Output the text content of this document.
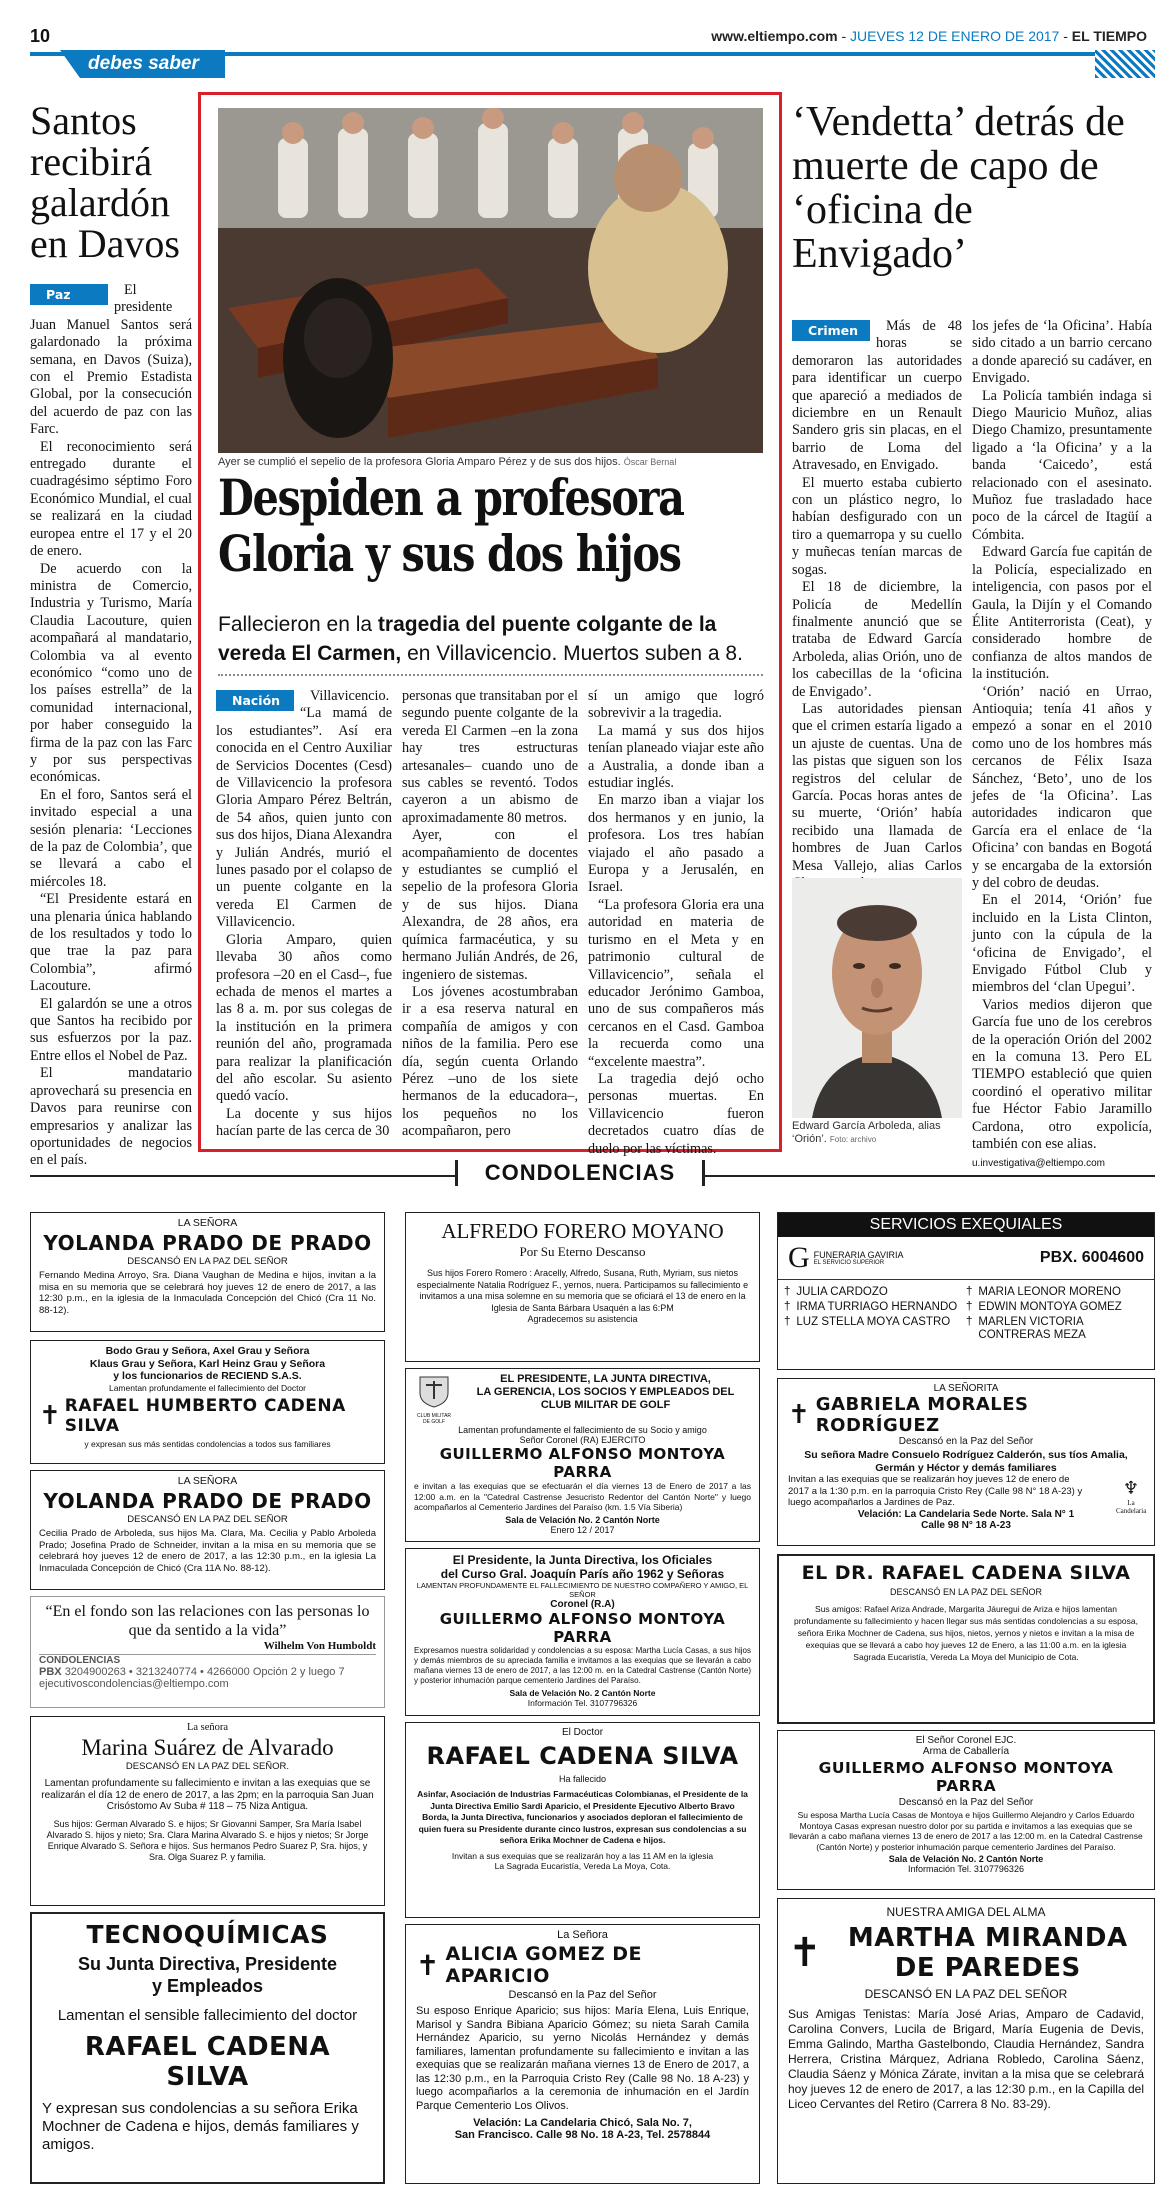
10	www.eltiempo.com - JUEVES 12 DE ENERO DE 2017 - EL TIEMPO
debes saber
Santos recibirá galardón en Davos

Paz	El presidente Juan Manuel Santos será galardonado la próxima semana, en Davos (Suiza), con el Premio Estadista Global, por la consecución del acuerdo de paz con las Farc.

El reconocimiento será entregado durante el cuadragésimo séptimo Foro Económico Mundial, el cual se realizará en la ciudad europea entre el 17 y el 20 de enero.

De acuerdo con la ministra de Comercio, Industria y Turismo, María Claudia Lacouture, quien acompañará al mandatario, Colombia va al evento económico “como uno de los países estrella” de la comunidad internacional, por haber conseguido la firma de la paz con las Farc y por sus perspectivas económicas.

En el foro, Santos será el invitado especial a una sesión plenaria: ‘Lecciones de la paz de Colombia’, que se llevará a cabo el miércoles 18.

“El Presidente estará en una plenaria única hablando de los resultados y todo lo que trae la paz para Colombia”, afirmó Lacouture.

El galardón se une a otros que Santos ha recibido por sus esfuerzos por la paz. Entre ellos el Nobel de Paz.

El mandatario aprovechará su presencia en Davos para reunirse con empresarios y analizar las oportunidades de negocios en el país.

Ayer se cumplió el sepelio de la profesora Gloria Amparo Pérez y de sus dos hijos. Óscar Bernal
Despiden a profesora Gloria y sus dos hijos
Fallecieron en la tragedia del puente colgante de la vereda El Carmen, en Villavicencio. Muertos suben a 8.

Nación	Villavicencio. “La mamá de los estudiantes”. Así era conocida en el Centro Auxiliar de Servicios Docentes (Cesd) de Villavicencio la profesora Gloria Amparo Pérez Beltrán, de 54 años, quien junto con sus dos hijos, Diana Alexandra y Julián Andrés, murió el lunes pasado por el colapso de un puente colgante en la vereda El Carmen de Villavicencio.

Gloria Amparo, quien llevaba 30 años como profesora –20 en el Casd–, fue echada de menos el martes a las 8 a. m. por sus colegas de la institución en la primera reunión del año, programada para realizar la planificación del año escolar. Su asiento quedó vacío.

La docente y sus hijos hacían parte de las cerca de 30

personas que transitaban por el segundo puente colgante de la vereda El Carmen –en la zona hay tres estructuras artesanales– cuando uno de sus cables se reventó. Todos cayeron a un abismo de aproximadamente 80 metros.

Ayer, con el acompañamiento de docentes y estudiantes se cumplió el sepelio de la profesora Gloria y de sus hijos. Diana Alexandra, de 28 años, era química farmacéutica, y su hermano Julián Andrés, de 26, ingeniero de sistemas.

Los jóvenes acostumbraban ir a esa reserva natural en compañía de amigos y con niños de la familia. Pero ese día, según cuenta Orlando Pérez –uno de los siete hermanos de la educadora–, los pequeños no los acompañaron, pero

sí un amigo que logró sobrevivir a la tragedia.

La mamá y sus dos hijos tenían planeado viajar este año a Australia, a donde iban a estudiar inglés.

En marzo iban a viajar los dos hermanos y en junio, la profesora. Los tres habían viajado el año pasado a Europa y a Jerusalén, en Israel.

“La profesora Gloria era una autoridad en materia de turismo en el Meta y en patrimonio cultural de Villavicencio”, señala el educador Jerónimo Gamboa, uno de sus compañeros más cercanos en el Casd. Gamboa la recuerda como una “excelente maestra”.

La tragedia dejó ocho personas muertas. En Villavicencio fueron decretados cuatro días de duelo por las víctimas.

‘Vendetta’ detrás de muerte de capo de ‘oficina de Envigado’

Crimen	Más de 48 horas se demoraron las autoridades para identificar un cuerpo que apareció a mediados de diciembre en un Renault Sandero gris sin placas, en el barrio de Loma del Atravesado, en Envigado.

El muerto estaba cubierto con un plástico negro, lo habían desfigurado con un tiro a quemarropa y su cuello y muñecas tenían marcas de sogas.

El 18 de diciembre, la Policía de Medellín finalmente anunció que se trataba de Edward García Arboleda, alias Orión, uno de los cabecillas de la ‘oficina de Envigado’.

Las autoridades piensan que el crimen estaría ligado a un ajuste de cuentas. Una de las pistas que siguen son los registros del celular de García. Pocas horas antes de su muerte, ‘Orión’ había recibido una llamada de hombres de Juan Carlos Mesa Vallejo, alias Carlos

los jefes de ‘la Oficina’. Había sido citado a un barrio cercano a donde apareció su cadáver, en Envigado.

La Policía también indaga si Diego Mauricio Muñoz, alias Diego Chamizo, presuntamente ligado a ‘la Oficina’ y a la banda ‘Caicedo’, está relacionado con el asesinato. Muñoz fue trasladado hace poco de la cárcel de Itagüí a Cómbita.

Edward García fue capitán de la Policía, especializado en inteligencia, con pasos por el Gaula, la Dijín y el Comando Élite Antiterrorista (Ceat), y considerado hombre de confianza de altos mandos de la institución.

‘Orión’ nació en Urrao, Antioquia; tenía 41 años y empezó a sonar en el 2010 como uno de los hombres más cercanos de Félix Isaza Sánchez, ‘Beto’, uno de los jefes de ‘la Oficina’. Las autoridades indicaron que García era el enlace de ‘la Oficina’ con bandas en Bogotá y se encargaba de la extorsión y del cobro de deudas.

En el 2014, ‘Orión’ fue incluido en la Lista Clinton, junto con la cúpula de la ‘oficina de Envigado’, el Envigado Fútbol Club y miembros del ‘clan Upegui’.

Varios medios dijeron que García fue uno de los cerebros de la operación Orión del 2002 en la comuna 13. Pero EL TIEMPO estableció que quien coordinó el operativo militar fue Héctor Fabio Jaramillo Cardona, otro expolicía, también con ese alias.

u.investigativa@eltiempo.com
Edward García Arboleda, alias ‘Orión’. Foto: archivo
CONDOLENCIAS
LA SEÑORA
YOLANDA PRADO DE PRADO
DESCANSÓ EN LA PAZ DEL SEÑOR
Fernando Medina Arroyo, Sra. Diana Vaughan de Medina e hijos, invitan a la misa en su memoria que se celebrará hoy jueves 12 de enero de 2017, a las 12:30 p.m., en la iglesia de la Inmaculada Concepción del Chicó (Cra 11 No. 88-12).
Bodo Grau y Señora, Axel Grau y Señora
Klaus Grau y Señora, Karl Heinz Grau y Señora
y los funcionarios de RECIEND S.A.S.
Lamentan profundamente el fallecimiento del Doctor
✝ RAFAEL HUMBERTO CADENA SILVA
y expresan sus más sentidas condolencias a todos sus familiares
LA SEÑORA
YOLANDA PRADO DE PRADO
DESCANSÓ EN LA PAZ DEL SEÑOR
Cecilia Prado de Arboleda, sus hijos Ma. Clara, Ma. Cecilia y Pablo Arboleda Prado; Josefina Prado de Schneider, invitan a la misa en su memoria que se celebrará hoy jueves 12 de enero de 2017, a las 12:30 p.m., en la iglesia La Inmaculada Concepción de Chicó (Cra 11A No. 88-12).
“En el fondo son las relaciones con las personas lo que da sentido a la vida”
Wilhelm Von Humboldt
CONDOLENCIAS
PBX 3204900263 • 3213240774 • 4266000 Opción 2 y luego 7
ejecutivoscondolencias@eltiempo.com
La señora
Marina Suárez de Alvarado
DESCANSÓ EN LA PAZ DEL SEÑOR.
Lamentan profundamente su fallecimiento e invitan a las exequias que se realizarán el día 12 de enero de 2017, a las 2pm; en la parroquia San Juan Crisóstomo Av Suba # 118 – 75 Niza Antigua.
Sus hijos: German Alvarado S. e hijos; Sr Giovanni Samper, Sra María Isabel Alvarado S. hijos y nieto; Sra. Clara Marina Alvarado S. e hijos y nietos; Sr Jorge Enrique Alvarado S. Señora e hijos. Sus hermanos Pedro Suarez P, Sra. hijos, y Sra. Olga Suarez P. y familia.
TECNOQUÍMICAS
Su Junta Directiva, Presidente
y Empleados
Lamentan el sensible fallecimiento del doctor
RAFAEL CADENA SILVA
Y expresan sus condolencias a su señora Erika Mochner de Cadena e hijos, demás familiares y amigos.
ALFREDO FORERO MOYANO
Por Su Eterno Descanso
Sus hijos Forero Romero : Aracelly, Alfredo, Susana, Ruth, Myriam, sus nietos especialmente Natalia Rodríguez F., yernos, nuera. Participamos su fallecimiento e invitamos a una misa solemne en su memoria que se oficiará el 13 de enero en la Iglesia de Santa Bárbara Usaquén a las 6:PM
Agradecemos su asistencia
CLUB MILITAR DE GOLF
EL PRESIDENTE, LA JUNTA DIRECTIVA,
LA GERENCIA, LOS SOCIOS Y EMPLEADOS DEL
CLUB MILITAR DE GOLF
Lamentan profundamente el fallecimiento de su Socio y amigo
Señor Coronel (RA) EJERCITO
GUILLERMO ALFONSO MONTOYA PARRA
e invitan a las exequias que se efectuarán el día viernes 13 de Enero de 2017 a las 12:00 a.m. en la "Catedral Castrense Jesucristo Redentor del Cantón Norte" y luego acompañarlos al Cementerio Jardines del Paraíso (km. 1.5 Vía Siberia)
Sala de Velación No. 2 Cantón Norte
Enero 12 / 2017
El Presidente, la Junta Directiva, los Oficiales
del Curso Gral. Joaquín París año 1962 y Señoras
LAMENTAN PROFUNDAMENTE EL FALLECIMIENTO DE NUESTRO COMPAÑERO Y AMIGO, EL SEÑOR
Coronel (R.A)
GUILLERMO ALFONSO MONTOYA PARRA
Expresamos nuestra solidaridad y condolencias a su esposa: Martha Lucía Casas, a sus hijos y demás miembros de su apreciada familia e invitamos a las exequias que se llevarán a cabo mañana viernes 13 de enero de 2017, a las 12:00 m. en la Catedral Castrense (Cantón Norte) y posterior inhumación parque cementerio Jardines del Paraíso.
Sala de Velación No. 2 Cantón Norte
Información Tel. 3107796326
El Doctor
RAFAEL CADENA SILVA
Ha fallecido
Asinfar, Asociación de Industrias Farmacéuticas Colombianas, el Presidente de la Junta Directiva Emilio Sardi Aparicio, el Presidente Ejecutivo Alberto Bravo Borda, la Junta Directiva, funcionarios y asociados deploran el fallecimiento de quien fuera su Presidente durante cinco lustros, expresan sus condolencias a su señora Erika Mochner de Cadena e hijos.
Invitan a sus exequias que se realizarán hoy a las 11 AM en la iglesia
La Sagrada Eucaristía, Vereda La Moya, Cota.
La Señora
✝ ALICIA GOMEZ DE APARICIO
Descansó en la Paz del Señor
Su esposo Enrique Aparicio; sus hijos: María Elena, Luis Enrique, Marisol y Sandra Bibiana Aparicio Gómez; su nieta Sarah Camila Hernández Aparicio, su yerno Nicolás Hernández y demás familiares, lamentan profundamente su fallecimiento e invitan a las exequias que se realizarán mañana viernes 13 de Enero de 2017, a las 12:30 p.m., en la Parroquia Cristo Rey (Calle 98 No. 18 A-23) y luego acompañarlos a la ceremonia de inhumación en el Jardín Parque Cementerio Los Olivos.
Velación: La Candelaria Chicó, Sala No. 7,
San Francisco. Calle 98 No. 18 A-23, Tel. 2578844
SERVICIOS EXEQUIALES
G FUNERARIA GAVIRIA
EL SERVICIO SUPERIOR	PBX. 6004600
† JULIA CARDOZO
† IRMA TURRIAGO HERNANDO
† LUZ STELLA MOYA CASTRO
† MARIA LEONOR MORENO
† EDWIN MONTOYA GOMEZ
† MARLEN VICTORIA CONTRERAS MEZA
LA SEÑORITA
✝ GABRIELA MORALES RODRÍGUEZ
Descansó en la Paz del Señor
Su señora Madre Consuelo Rodríguez Calderón, sus tíos Amalia, Germán y Héctor y demás familiares
Invitan a las exequias que se realizarán hoy jueves 12 de enero de 2017 a la 1:30 p.m. en la parroquia Cristo Rey (Calle 98 N° 18 A-23) y luego acompañarlos a Jardines de Paz.
Velación: La Candelaria Sede Norte. Sala N° 1
Calle 98 N° 18 A-23
♆
La Candelaria
EL DR. RAFAEL CADENA SILVA
DESCANSÓ EN LA PAZ DEL SEÑOR
Sus amigos: Rafael Ariza Andrade, Margarita Jáuregui de Ariza e hijos lamentan profundamente su fallecimiento y hacen llegar sus más sentidas condolencias a su esposa, señora Erika Mochner de Cadena, sus hijos, nietos, yernos y nietos e invitan a la misa de exequias que se llevará a cabo hoy jueves 12 de Enero, a las 11:00 a.m. en la iglesia Sagrada Eucaristía, Vereda La Moya del Municipio de Cota.
El Señor Coronel EJC.
Arma de Caballería
GUILLERMO ALFONSO MONTOYA PARRA
Descansó en la Paz del Señor
Su esposa Martha Lucía Casas de Montoya e hijos Guillermo Alejandro y Carlos Eduardo Montoya Casas expresan nuestro dolor por su partida e invitamos a las exequias que se llevarán a cabo mañana viernes 13 de enero de 2017 a las 12:00 m. en la Catedral Castrense (Cantón Norte) y posterior inhumación parque cementerio Jardines del Paraíso.
Sala de Velación No. 2 Cantón Norte
Información Tel. 3107796326
NUESTRA AMIGA DEL ALMA
✝	MARTHA MIRANDA DE PAREDES
DESCANSÓ EN LA PAZ DEL SEÑOR
Sus Amigas Tenistas: María José Arias, Amparo de Cadavid, Carolina Convers, Lucila de Brigard, María Eugenia de Devis, Emma Galindo, Martha Gastelbondo, Claudia Hernández, Sandra Herrera, Cristina Márquez, Adriana Robledo, Carolina Sáenz, Claudia Sáenz y Mónica Zárate, invitan a la misa que se celebrará hoy jueves 12 de enero de 2017, a las 12:30 p.m., en la Capilla del Liceo Cervantes del Retiro (Carrera 8 No. 83-29).
